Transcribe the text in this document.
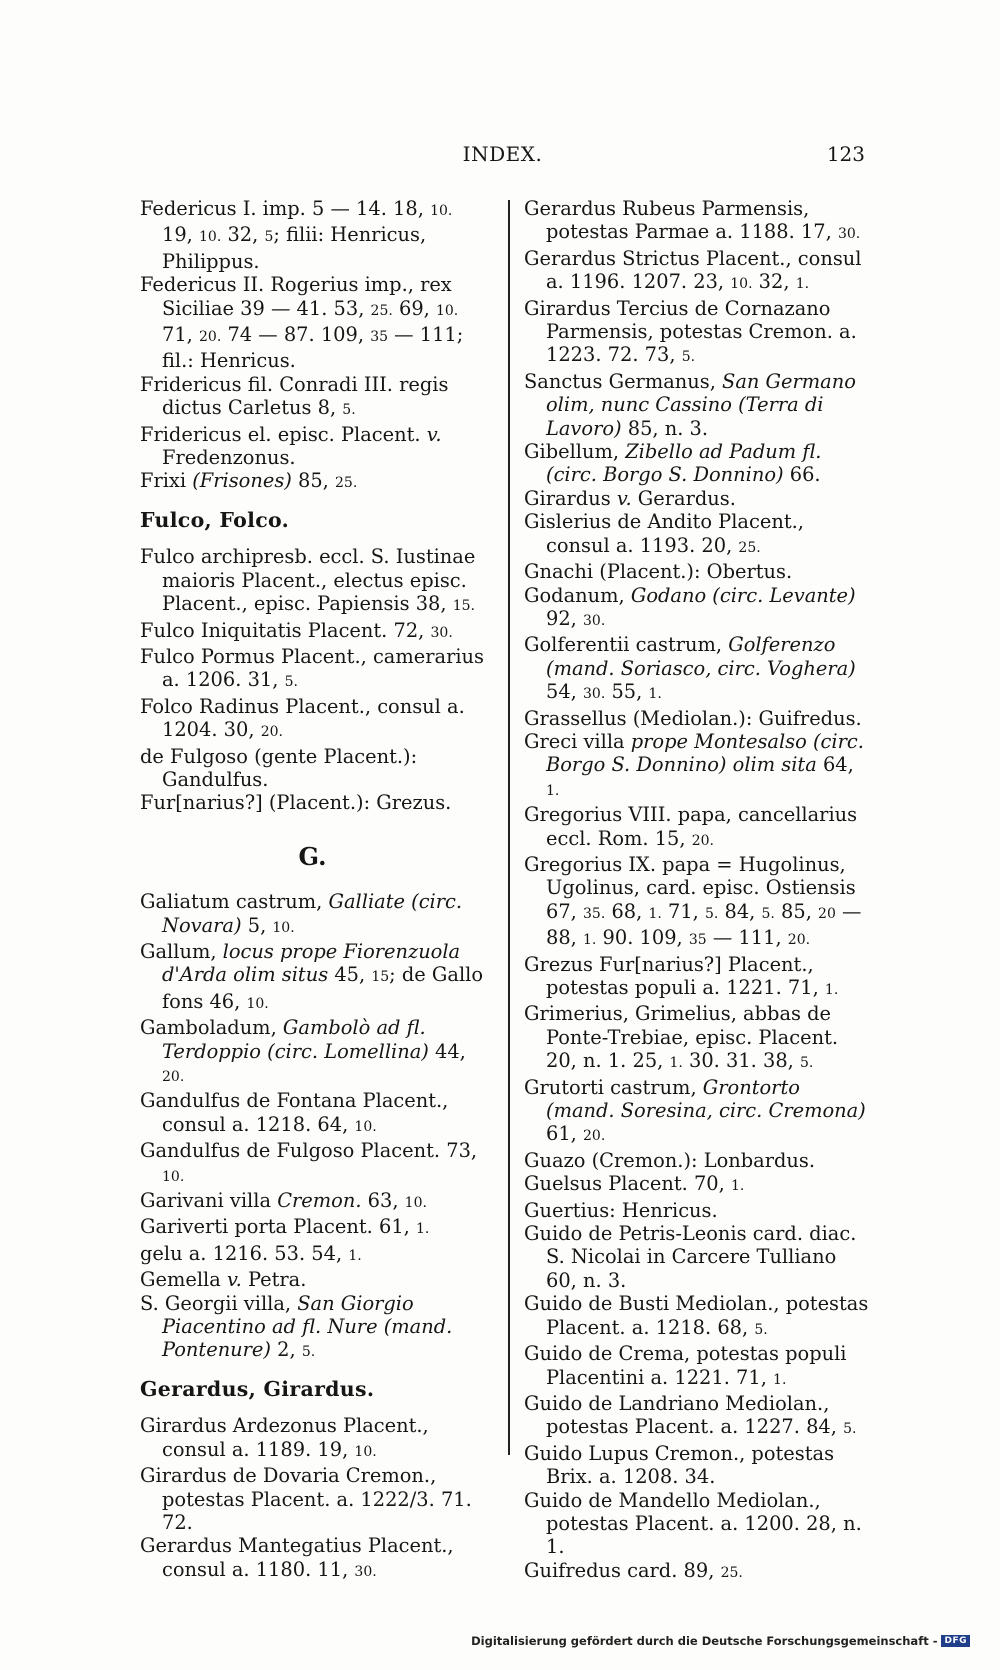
INDEX.	123
Federicus I. imp. 5 — 14. 18, 10. 19, 10. 32, 5; filii: Henricus, Philippus.
Federicus II. Rogerius imp., rex Siciliae 39 — 41. 53, 25. 69, 10. 71, 20. 74 — 87. 109, 35 — 111; fil.: Henricus.
Fridericus fil. Conradi III. regis dictus Carletus 8, 5.
Fridericus el. episc. Placent. v. Fredenzonus.
Frixi (Frisones) 85, 25.
Fulco, Folco.
Fulco archipresb. eccl. S. Iustinae maioris Placent., electus episc. Placent., episc. Papiensis 38, 15.
Fulco Iniquitatis Placent. 72, 30.
Fulco Pormus Placent., camerarius a. 1206. 31, 5.
Folco Radinus Placent., consul a. 1204. 30, 20.
de Fulgoso (gente Placent.): Gandulfus.
Fur[narius?] (Placent.): Grezus.
G.
Galiatum castrum, Galliate (circ. Novara) 5, 10.
Gallum, locus prope Fiorenzuola d'Arda olim situs 45, 15; de Gallo fons 46, 10.
Gamboladum, Gambolò ad fl. Terdoppio (circ. Lomellina) 44, 20.
Gandulfus de Fontana Placent., consul a. 1218. 64, 10.
Gandulfus de Fulgoso Placent. 73, 10.
Garivani villa Cremon. 63, 10.
Gariverti porta Placent. 61, 1.
gelu a. 1216. 53. 54, 1.
Gemella v. Petra.
S. Georgii villa, San Giorgio Piacentino ad fl. Nure (mand. Pontenure) 2, 5.
Gerardus, Girardus.
Girardus Ardezonus Placent., consul a. 1189. 19, 10.
Girardus de Dovaria Cremon., potestas Placent. a. 1222/3. 71. 72.
Gerardus Mantegatius Placent., consul a. 1180. 11, 30.
Gerardus Rubeus Parmensis, potestas Parmae a. 1188. 17, 30.
Gerardus Strictus Placent., consul a. 1196. 1207. 23, 10. 32, 1.
Girardus Tercius de Cornazano Parmensis, potestas Cremon. a. 1223. 72. 73, 5.
Sanctus Germanus, San Germano olim, nunc Cassino (Terra di Lavoro) 85, n. 3.
Gibellum, Zibello ad Padum fl. (circ. Borgo S. Donnino) 66.
Girardus v. Gerardus.
Gislerius de Andito Placent., consul a. 1193. 20, 25.
Gnachi (Placent.): Obertus.
Godanum, Godano (circ. Levante) 92, 30.
Golferentii castrum, Golferenzo (mand. Soriasco, circ. Voghera) 54, 30. 55, 1.
Grassellus (Mediolan.): Guifredus.
Greci villa prope Montesalso (circ. Borgo S. Donnino) olim sita 64, 1.
Gregorius VIII. papa, cancellarius eccl. Rom. 15, 20.
Gregorius IX. papa = Hugolinus, Ugolinus, card. episc. Ostiensis 67, 35. 68, 1. 71, 5. 84, 5. 85, 20 — 88, 1. 90. 109, 35 — 111, 20.
Grezus Fur[narius?] Placent., potestas populi a. 1221. 71, 1.
Grimerius, Grimelius, abbas de Ponte-Trebiae, episc. Placent. 20, n. 1. 25, 1. 30. 31. 38, 5.
Grutorti castrum, Grontorto (mand. Soresina, circ. Cremona) 61, 20.
Guazo (Cremon.): Lonbardus.
Guelsus Placent. 70, 1.
Guertius: Henricus.
Guido de Petris-Leonis card. diac. S. Nicolai in Carcere Tulliano 60, n. 3.
Guido de Busti Mediolan., potestas Placent. a. 1218. 68, 5.
Guido de Crema, potestas populi Placentini a. 1221. 71, 1.
Guido de Landriano Mediolan., potestas Placent. a. 1227. 84, 5.
Guido Lupus Cremon., potestas Brix. a. 1208. 34.
Guido de Mandello Mediolan., potestas Placent. a. 1200. 28, n. 1.
Guifredus card. 89, 25.
Digitalisierung gefördert durch die Deutsche Forschungsgemeinschaft - DFG
